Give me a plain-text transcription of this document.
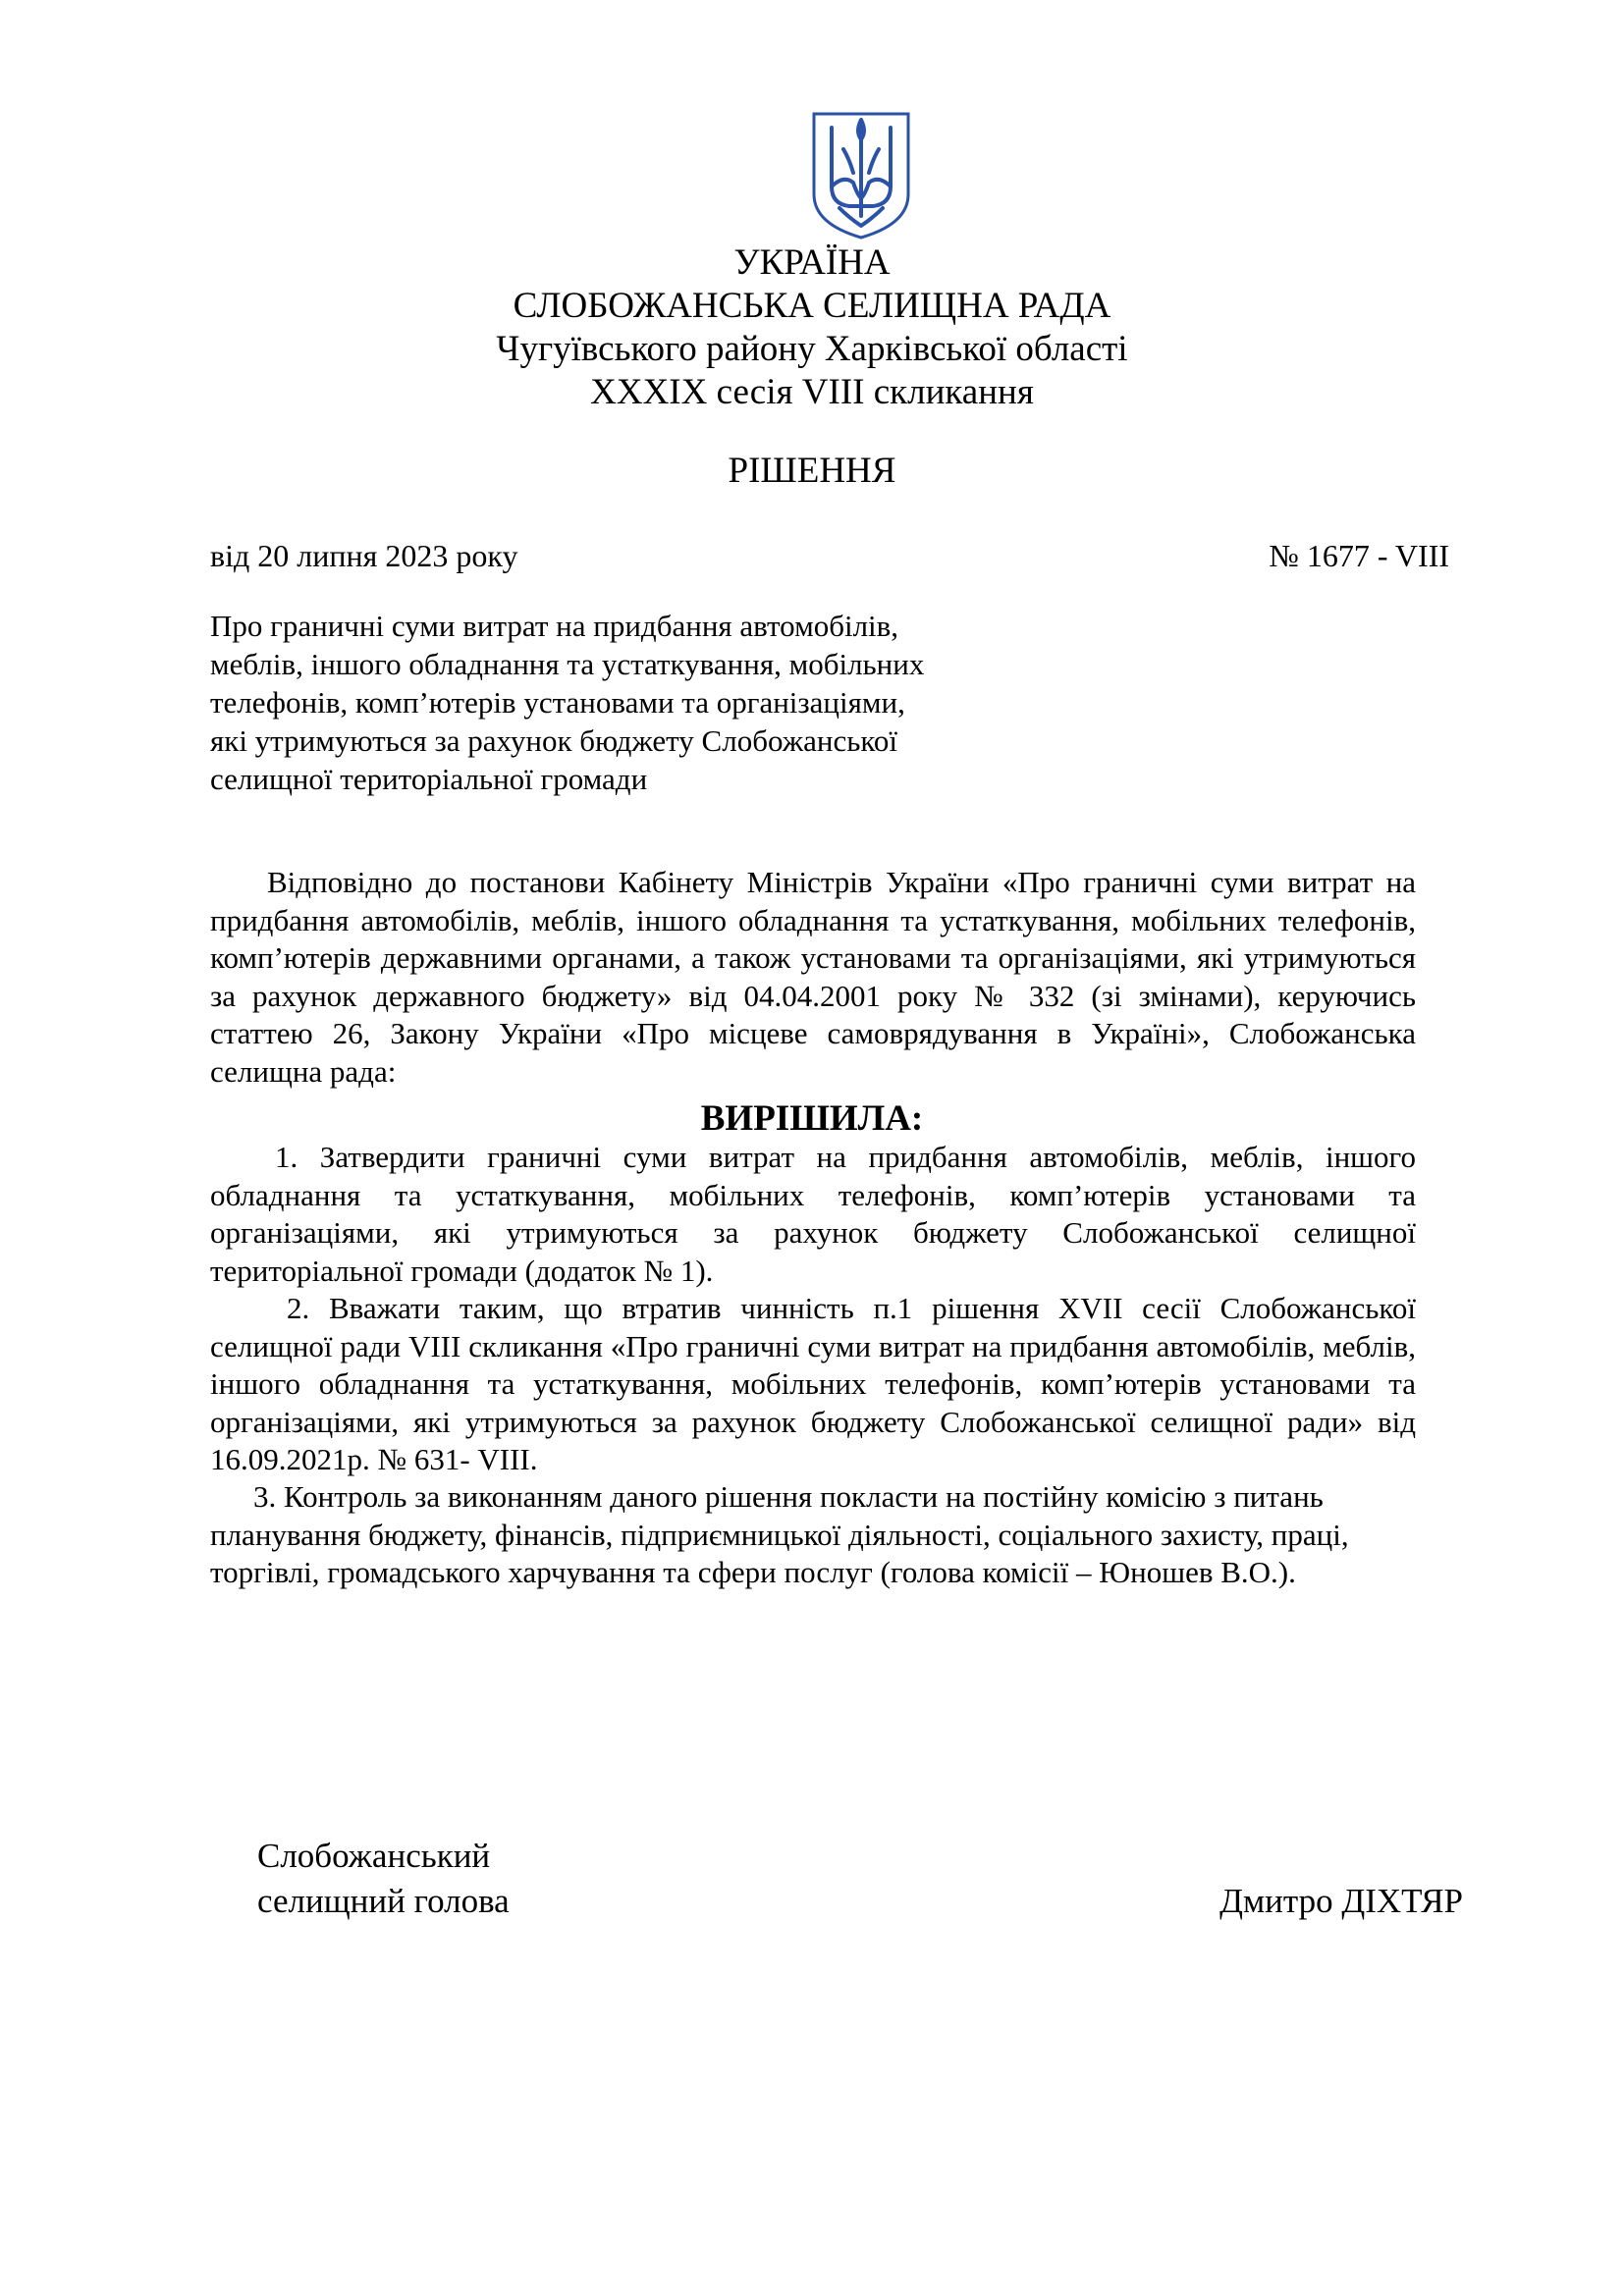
УКРАЇНА
СЛОБОЖАНСЬКА СЕЛИЩНА РАДА
Чугуївського району Харківської області
XXXIX сесія VIII скликання
РІШЕННЯ
від 20 липня 2023 року	№ 1677 - VIII
Про граничні суми витрат на придбання автомобілів,
меблів, іншого обладнання та устаткування, мобільних
телефонів, комп’ютерів установами та організаціями,
які утримуються за рахунок бюджету Слобожанської
селищної територіальної громади
Відповідно до постанови Кабінету Міністрів України «Про граничні суми витрат на придбання автомобілів, меблів, іншого обладнання та устаткування, мобільних телефонів, комп’ютерів державними органами, а також установами та організаціями, які утримуються за рахунок державного бюджету» від 04.04.2001 року № 332 (зі змінами), керуючись статтею 26, Закону України «Про місцеве самоврядування в Україні», Слобожанська селищна рада:
ВИРІШИЛА:
1. Затвердити граничні суми витрат на придбання автомобілів, меблів, іншого обладнання та устаткування, мобільних телефонів, комп’ютерів установами та організаціями, які утримуються за рахунок бюджету Слобожанської селищної територіальної громади (додаток № 1).
2. Вважати таким, що втратив чинність п.1 рішення XVII сесії Слобожанської селищної ради VIII скликання «Про граничні суми витрат на придбання автомобілів, меблів, іншого обладнання та устаткування, мобільних телефонів, комп’ютерів установами та організаціями, які утримуються за рахунок бюджету Слобожанської селищної ради» від 16.09.2021р. № 631- VIII.
3. Контроль за виконанням даного рішення покласти на постійну комісію з питань планування бюджету, фінансів, підприємницької діяльності, соціального захисту, праці, торгівлі, громадського харчування та сфери послуг (голова комісії – Юношев В.О.).
Слобожанський
селищний голова	Дмитро ДІХТЯР
